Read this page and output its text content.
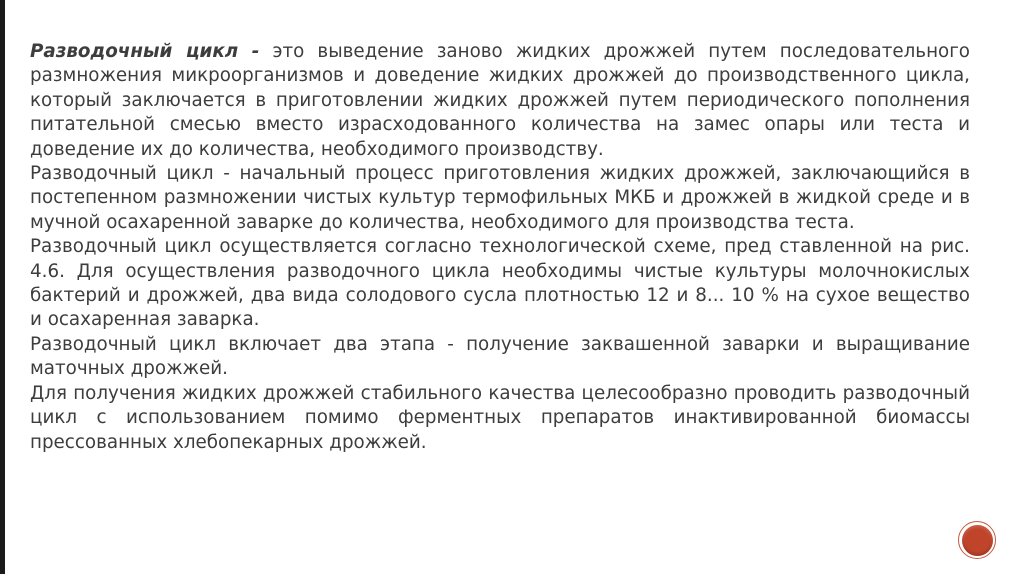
Разводочный цикл - это выведение заново жидких дрожжей путем последовательного размножения микроорганизмов и доведение жидких дрожжей до производственного цикла, который заключается в приготовлении жидких дрожжей путем периодического пополнения питательной смесью вместо израсходованного количества на замес опары или теста и доведение их до количества, необходимого производству.

Разводочный цикл - начальный процесс приготовления жидких дрожжей, заключающийся в постепенном размножении чистых культур термофильных МКБ и дрожжей в жидкой среде и в мучной осахаренной заварке до количества, необходимого для производства теста.

Разводочный цикл осуществляется согласно технологической схеме, пред ставленной на рис. 4.6. Для осуществления разводочного цикла необходимы чистые культуры молочнокислых бактерий и дрожжей, два вида солодового сусла плотностью 12 и 8... 10 % на сухое вещество и осахаренная заварка.

Разводочный цикл включает два этапа - получение заквашенной заварки и выращивание маточных дрожжей.

Для получения жидких дрожжей стабильного качества целесообразно проводить разводочный цикл с использованием помимо ферментных препаратов инактивированной биомассы прессованных хлебопекарных дрожжей.
